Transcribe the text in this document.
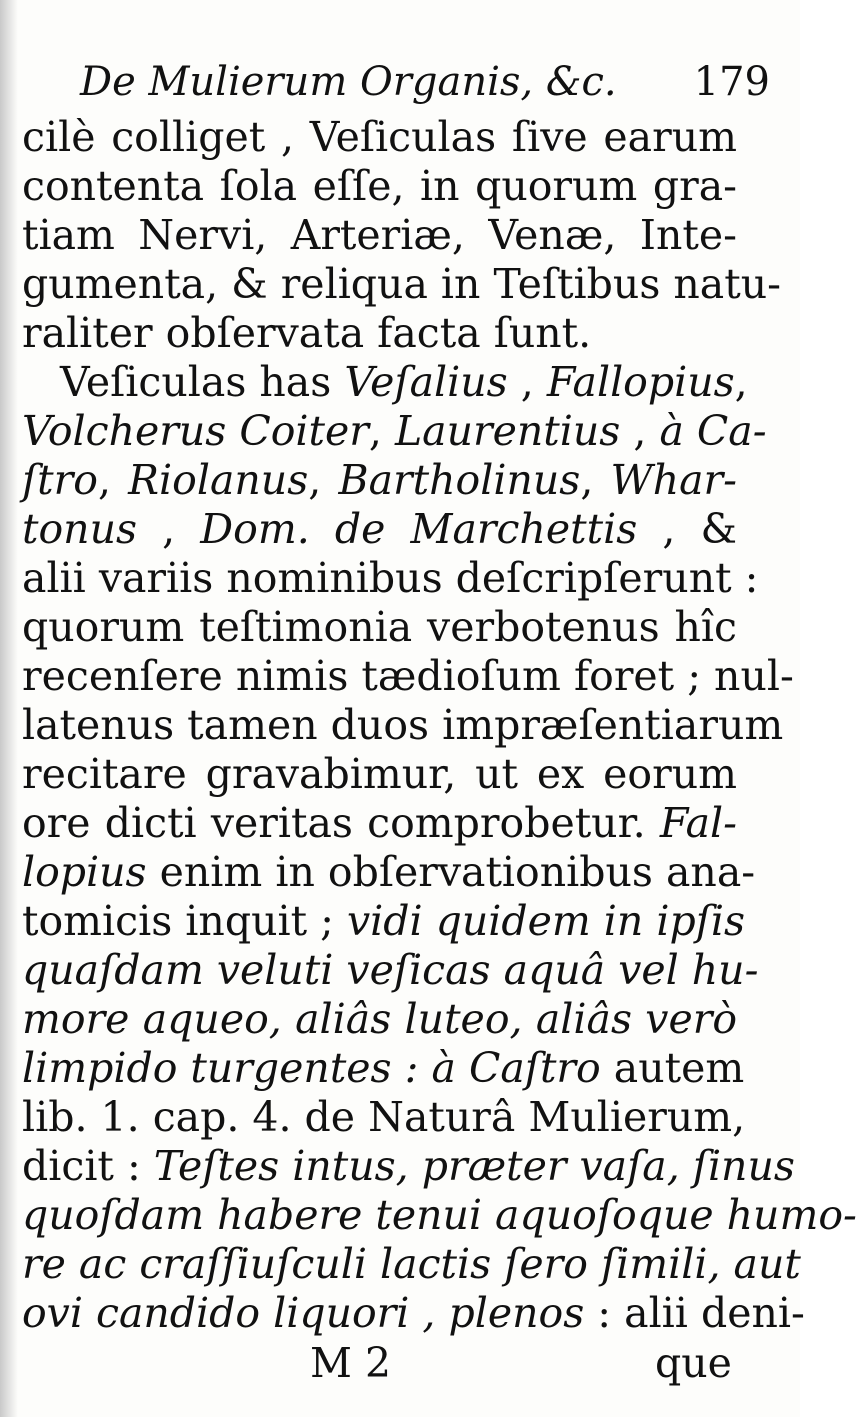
De Mulierum Organis, &c. 179
cilè colliget , Veſiculas ſive earum
contenta ſola eſſe, in quorum gra-
tiam Nervi, Arteriæ, Venæ, Inte-
gumenta, & reliqua in Teſtibus natu-
raliter obſervata facta ſunt.
Veſiculas has Veſalius , Fallopius,
Volcherus Coiter, Laurentius , à Ca-
ſtro, Riolanus, Bartholinus, Whar-
tonus , Dom. de Marchettis , &
alii variis nominibus deſcripſerunt :
quorum teſtimonia verbotenus hîc
recenſere nimis tædioſum foret ; nul-
latenus tamen duos impræſentiarum
recitare gravabimur, ut ex eorum
ore dicti veritas comprobetur. Fal-
lopius enim in obſervationibus ana-
tomicis inquit ; vidi quidem in ipſis
quaſdam veluti veſicas aquâ vel hu-
more aqueo, aliâs luteo, aliâs verò
limpido turgentes : à Caſtro autem
lib. 1. cap. 4. de Naturâ Mulierum,
dicit : Teſtes intus, præter vaſa, ſinus
quoſdam habere tenui aquoſoque humo-
re ac craſſiuſculi lactis ſero ſimili, aut
ovi candido liquori , plenos : alii deni-
M 2	que
